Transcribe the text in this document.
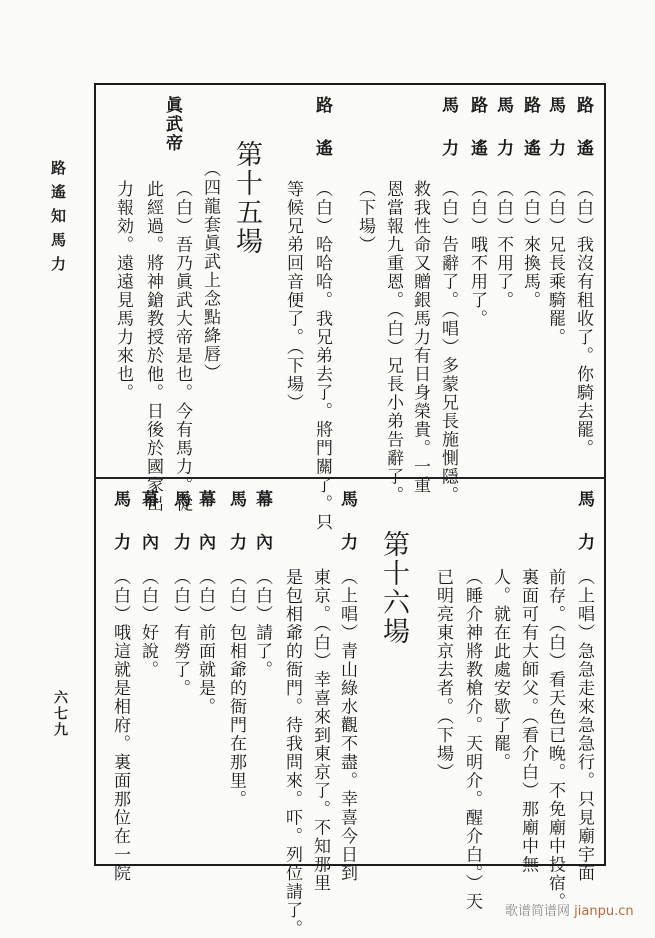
路遙知馬力
六七九
路遙
（白）我沒有租收了。你騎去罷。
馬力
（白）兄長乘騎罷。
路遙
（白）來換馬。
馬力
（白）不用了。
路遙
（白）哦不用了。
馬力
（白）告辭了。（唱）多蒙兄長施惻隱。
救我性命又贈銀馬力有日身榮貴。一重
恩當報九重恩。（白）兄長小弟告辭了。
（下場）
路遙
（白）哈哈哈。我兄弟去了。將門關了。只
等候兄弟回音便了。（下場）
第十五場
（四龍套眞武上念點絳唇）
眞武帝
（白）吾乃眞武大帝是也。今有馬力。從
此經過。將神鎗教授於他。日後於國家出
力報効。遠遠見馬力來也。
馬力
（上唱）急急走來急急行。只見廟宇面
前存。（白）看天色已晚。不免廟中投宿。
裏面可有大師父。（看介白）那廟中無
人。就在此處安歇了罷。
（睡介神將教槍介。天明介。醒介白。）天
已明亮東京去者。（下場）
第十六場
馬力
（上唱）青山綠水觀不盡。幸喜今日到
東京。（白）幸喜來到東京了。不知那里
是包相爺的衙門。待我問來。吓。列位請了。
幕內
（白）請了。
馬力
（白）包相爺的衙門在那里。
幕內
（白）前面就是。
馬力
（白）有勞了。
幕內
（白）好說。
馬力
（白）哦這就是相府。裏面那位在一院
歌谱简谱网 jianpu.cn
